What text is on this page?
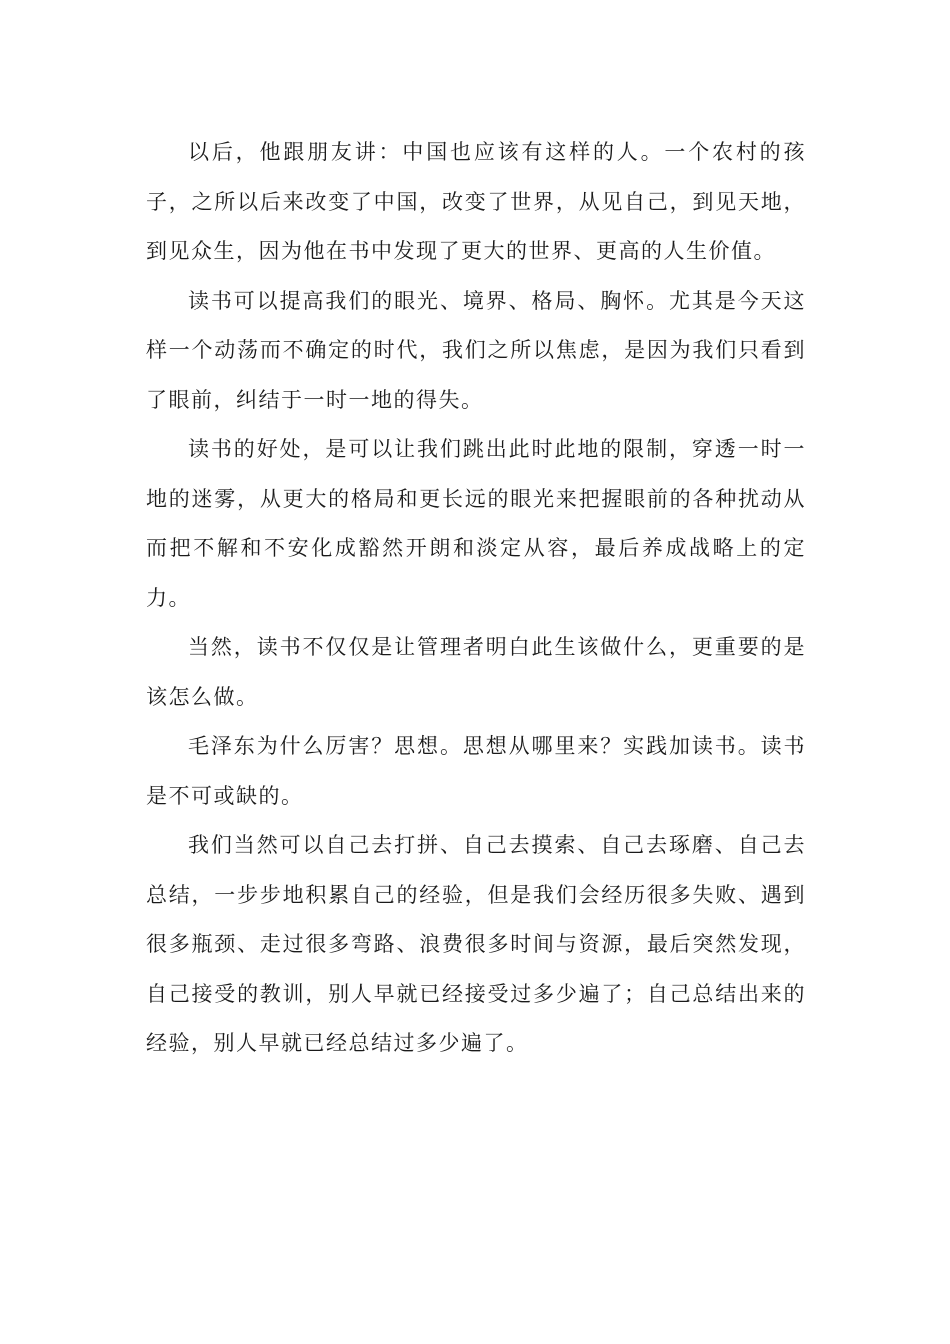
以后，他跟朋友讲：中国也应该有这样的人。一个农村的孩子，之所以后来改变了中国，改变了世界，从见自己，到见天地，到见众生，因为他在书中发现了更大的世界、更高的人生价值。

读书可以提高我们的眼光、境界、格局、胸怀。尤其是今天这样一个动荡而不确定的时代，我们之所以焦虑，是因为我们只看到了眼前，纠结于一时一地的得失。

读书的好处，是可以让我们跳出此时此地的限制，穿透一时一地的迷雾，从更大的格局和更长远的眼光来把握眼前的各种扰动从而把不解和不安化成豁然开朗和淡定从容，最后养成战略上的定力。

当然，读书不仅仅是让管理者明白此生该做什么，更重要的是该怎么做。

毛泽东为什么厉害？思想。思想从哪里来？实践加读书。读书是不可或缺的。

我们当然可以自己去打拼、自己去摸索、自己去琢磨、自己去总结，一步步地积累自己的经验，但是我们会经历很多失败、遇到很多瓶颈、走过很多弯路、浪费很多时间与资源，最后突然发现，自己接受的教训，别人早就已经接受过多少遍了；自己总结出来的经验，别人早就已经总结过多少遍了。
